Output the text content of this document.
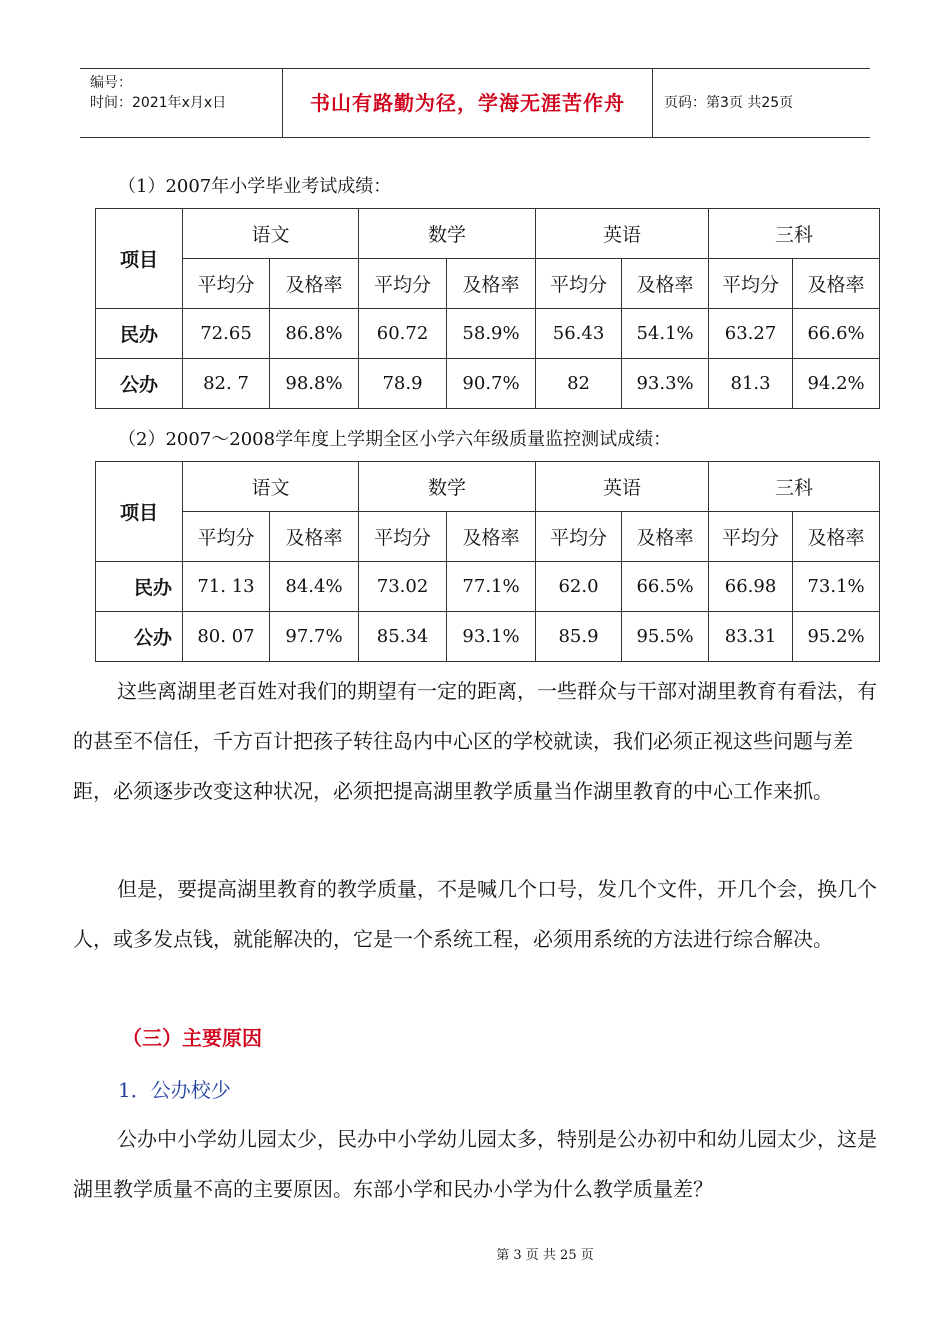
编号：
时间：2021年x月x日	书山有路勤为径，学海无涯苦作舟	页码：第3页 共25页
（1）2007年小学毕业考试成绩：
项目	语文		数学		英语		三科	
	平均分	及格率	平均分	及格率	平均分	及格率	平均分	及格率
民办	72.65	86.8%	60.72	58.9%	56.43	54.1%	63.27	66.6%
公办	82. 7	98.8%	78.9	90.7%	82	93.3%	81.3	94.2%
（2）2007～2008学年度上学期全区小学六年级质量监控测试成绩：
项目	语文		数学		英语		三科	
	平均分	及格率	平均分	及格率	平均分	及格率	平均分	及格率
民办	71. 13	84.4%	73.02	77.1%	62.0	66.5%	66.98	73.1%
公办	80. 07	97.7%	85.34	93.1%	85.9	95.5%	83.31	95.2%

这些离湖里老百姓对我们的期望有一定的距离，一些群众与干部对湖里教育有看法，有的甚至不信任，千方百计把孩子转往岛内中心区的学校就读，我们必须正视这些问题与差距，必须逐步改变这种状况，必须把提高湖里教学质量当作湖里教育的中心工作来抓。

但是，要提高湖里教育的教学质量，不是喊几个口号，发几个文件，开几个会，换几个人，或多发点钱，就能解决的，它是一个系统工程，必须用系统的方法进行综合解决。

（三）主要原因
1．公办校少

公办中小学幼儿园太少，民办中小学幼儿园太多，特别是公办初中和幼儿园太少，这是湖里教学质量不高的主要原因。东部小学和民办小学为什么教学质量差？

第 3 页 共 25 页
